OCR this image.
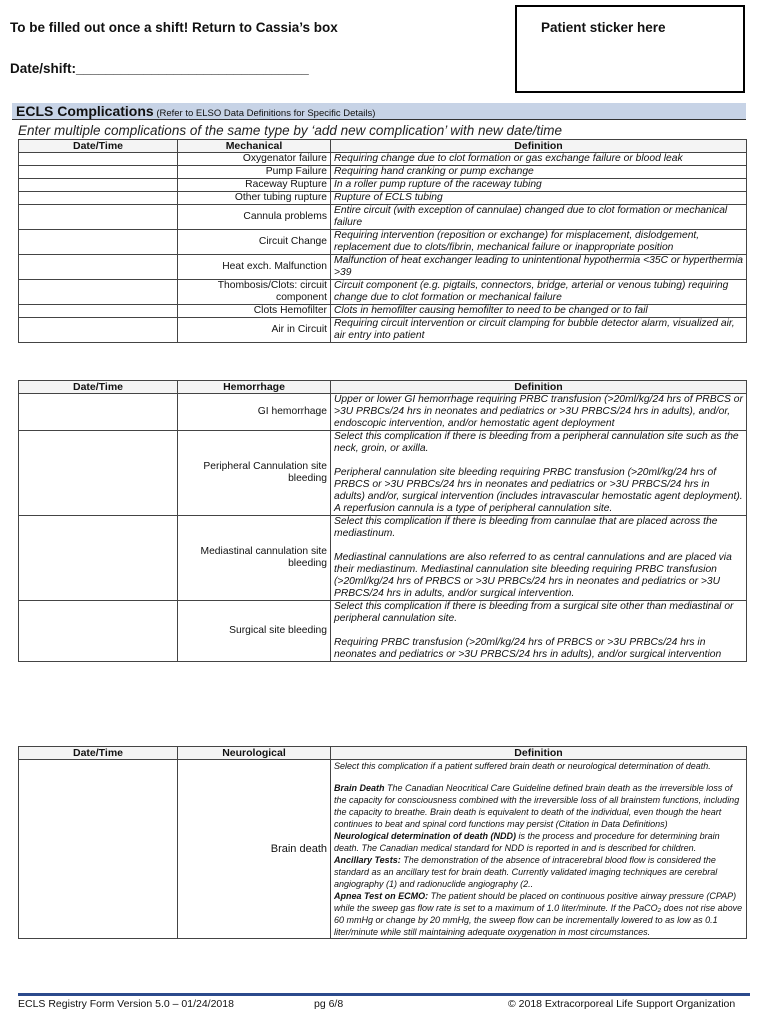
To be filled out once a shift! Return to Cassia’s box
Date/shift:_______________________________
Patient sticker here
ECLS Complications (Refer to ELSO Data Definitions for Specific Details)
Enter multiple complications of the same type by ‘add new complication’ with new date/time
Date/Time	Mechanical	Definition
	Oxygenator failure	Requiring change due to clot formation or gas exchange failure or blood leak
	Pump Failure	Requiring hand cranking or pump exchange
	Raceway Rupture	In a roller pump rupture of the raceway tubing
	Other tubing rupture	Rupture of ECLS tubing
	Cannula problems	Entire circuit (with exception of cannulae) changed due to clot formation or mechanical failure
	Circuit Change	Requiring intervention (reposition or exchange) for misplacement, dislodgement, replacement due to clots/fibrin, mechanical failure or inappropriate position
	Heat exch. Malfunction	Malfunction of heat exchanger leading to unintentional hypothermia <35C or hyperthermia >39
	Thombosis/Clots: circuit component	Circuit component (e.g. pigtails, connectors, bridge, arterial or venous tubing) requiring change due to clot formation or mechanical failure
	Clots Hemofilter	Clots in hemofilter causing hemofilter to need to be changed or to fail
	Air in Circuit	Requiring circuit intervention or circuit clamping for bubble detector alarm, visualized air, air entry into patient
Date/Time	Hemorrhage	Definition
	GI hemorrhage	Upper or lower GI hemorrhage requiring PRBC transfusion (>20ml/kg/24 hrs of PRBCS or >3U PRBCs/24 hrs in neonates and pediatrics or >3U PRBCS/24 hrs in adults), and/or,
endoscopic intervention, and/or hemostatic agent deployment

	Peripheral Cannulation site bleeding	Select this complication if there is bleeding from a peripheral cannulation site such as the neck, groin, or axilla.
Peripheral cannulation site bleeding requiring PRBC transfusion (>20ml/kg/24 hrs of PRBCS or >3U PRBCs/24 hrs in neonates and pediatrics or >3U PRBCS/24 hrs in adults) and/or, surgical intervention (includes intravascular hemostatic agent deployment).
A reperfusion cannula is a type of peripheral cannulation site.

	Mediastinal cannulation site bleeding	Select this complication if there is bleeding from cannulae that are placed across the mediastinum.
Mediastinal cannulations are also referred to as central cannulations and are placed via their mediastinum. Mediastinal cannulation site bleeding requiring PRBC transfusion (>20ml/kg/24 hrs of PRBCS or >3U PRBCs/24 hrs in neonates and pediatrics or >3U PRBCS/24 hrs in adults, and/or surgical intervention.

	Surgical site bleeding	Select this complication if there is bleeding from a surgical site other than mediastinal or peripheral cannulation site.
Requiring PRBC transfusion (>20ml/kg/24 hrs of PRBCS or >3U PRBCs/24 hrs in neonates and pediatrics or >3U PRBCS/24 hrs in adults), and/or surgical intervention
Date/Time	Neurological	Definition
	Brain death	Select this complication if a patient suffered brain death or neurological determination of death.
Brain Death The Canadian Neocritical Care Guideline defined brain death as the irreversible loss of the capacity for consciousness combined with the irreversible loss of all brainstem functions, including the capacity to breathe. Brain death is equivalent to death of the individual, even though the heart continues to beat and spinal cord functions may persist (Citation in Data Definitions)
Neurological determination of death (NDD) is the process and procedure for determining brain death. The Canadian medical standard for NDD is reported in and is described for children.
Ancillary Tests: The demonstration of the absence of intracerebral blood flow is considered the standard as an ancillary test for brain death. Currently validated imaging techniques are cerebral angiography (1) and radionuclide angiography (2..
Apnea Test on ECMO: The patient should be placed on continuous positive airway pressure (CPAP) while the sweep gas flow rate is set to a maximum of 1.0 liter/minute. If the PaCO₂ does not rise above 60 mmHg or change by 20 mmHg, the sweep flow can be incrementally lowered to as low as 0.1 liter/minute while still maintaining adequate oxygenation in most circumstances.
ECLS Registry Form Version 5.0 – 01/24/2018	pg 6/8	© 2018 Extracorporeal Life Support Organization
